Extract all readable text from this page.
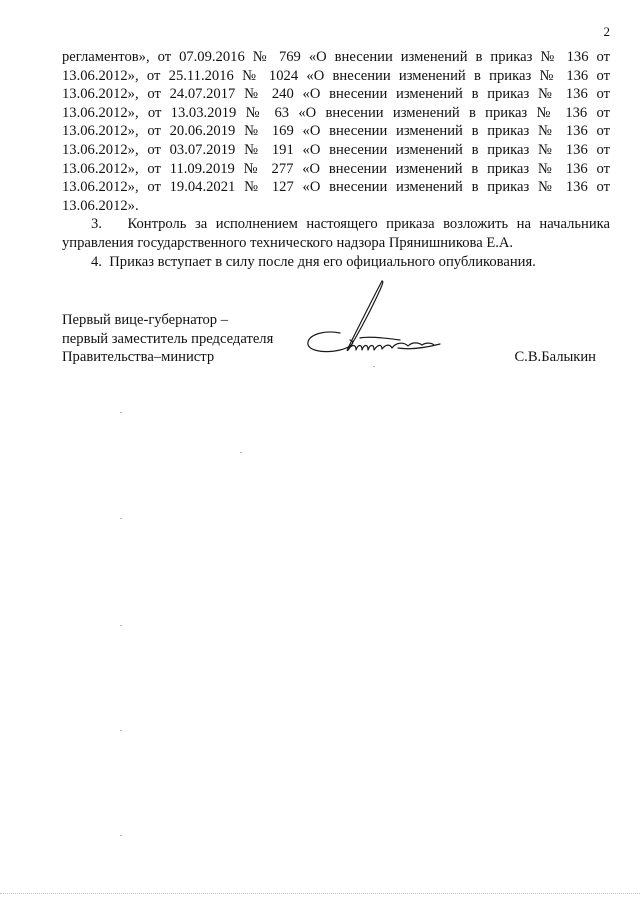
2

регламентов», от 07.09.2016 № 769 «О внесении изменений в приказ № 136 от 13.06.2012», от 25.11.2016 № 1024 «О внесении изменений в приказ № 136 от 13.06.2012», от 24.07.2017 № 240 «О внесении изменений в приказ № 136 от 13.06.2012», от 13.03.2019 № 63 «О внесении изменений в приказ № 136 от 13.06.2012», от 20.06.2019 № 169 «О внесении изменений в приказ № 136 от 13.06.2012», от 03.07.2019 № 191 «О внесении изменений в приказ № 136 от 13.06.2012», от 11.09.2019 № 277 «О внесении изменений в приказ № 136 от 13.06.2012», от 19.04.2021 № 127 «О внесении изменений в приказ № 136 от 13.06.2012».

3.   Контроль за исполнением настоящего приказа возложить на начальника управления государственного технического надзора Прянишникова Е.А.

4.  Приказ вступает в силу после дня его официального опубликования.

Первый вице-губернатор –
первый заместитель председателя
Правительства–министр	С.В.Балыкин
